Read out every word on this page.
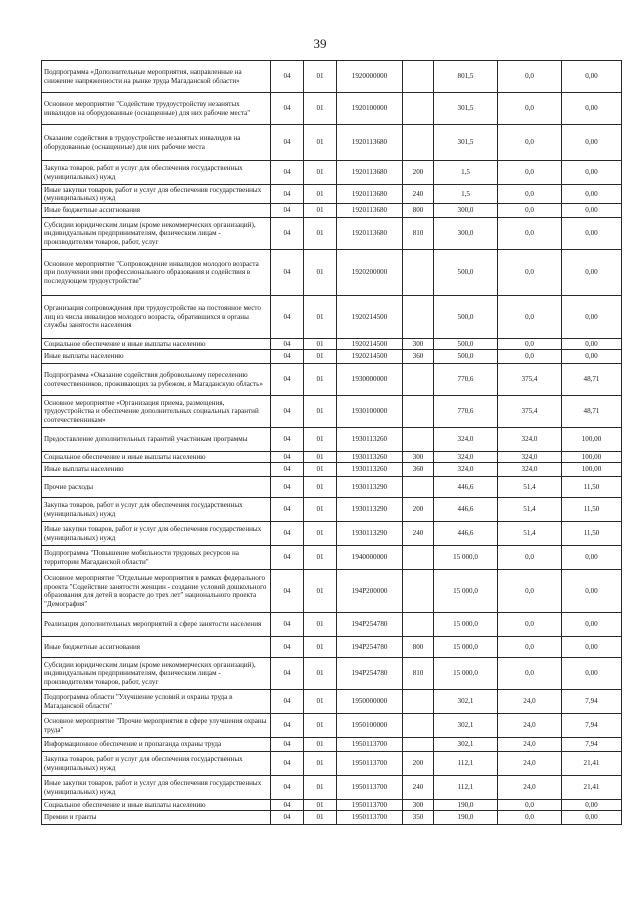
39
Подпрограмма «Дополнительные мероприятия, направленные на снижение напряженности на рынке труда Магаданской области»	04	01	1920000000		801,5	0,0	0,00
Основное мероприятие "Содействие трудоустройству незанятых инвалидов на оборудованные (оснащенные) для них рабочие места"	04	01	1920100000		301,5	0,0	0,00
Оказание содействия в трудоустройстве незанятых инвалидов на оборудованные (оснащенные) для них рабочие места	04	01	1920113680		301,5	0,0	0,00
Закупка товаров, работ и услуг для обеспечения государственных (муниципальных) нужд	04	01	1920113680	200	1,5	0,0	0,00
Иные закупки товаров, работ и услуг для обеспечения государственных (муниципальных) нужд	04	01	1920113680	240	1,5	0,0	0,00
Иные бюджетные ассигнования	04	01	1920113680	800	300,0	0,0	0,00
Субсидии юридическим лицам (кроме некоммерческих организаций), индивидуальным предпринимателям, физическим лицам - производителям товаров, работ, услуг	04	01	1920113680	810	300,0	0,0	0,00
Основное мероприятие "Сопровождение инвалидов молодого возраста при получении ими профессионального образования и содействия в последующем трудоустройстве"	04	01	1920200000		500,0	0,0	0,00
Организация сопровождения при трудоустройстве на постоянное место лиц из числа инвалидов молодого возраста, обратившихся в органы службы занятости населения	04	01	1920214500		500,0	0,0	0,00
Социальное обеспечение и иные выплаты населению	04	01	1920214500	300	500,0	0,0	0,00
Иные выплаты населению	04	01	1920214500	360	500,0	0,0	0,00
Подпрограмма «Оказание содействия добровольному переселению соотечественников, проживающих за рубежом, в Магаданскую область»	04	01	1930000000		770,6	375,4	48,71
Основное мероприятие «Организация приема, размещения, трудоустройства и обеспечение дополнительных социальных гарантий соотечественникам»	04	01	1930100000		770,6	375,4	48,71
Предоставление дополнительных гарантий участникам программы	04	01	1930113260		324,0	324,0	100,00
Социальное обеспечение и иные выплаты населению	04	01	1930113260	300	324,0	324,0	100,00
Иные выплаты населению	04	01	1930113260	360	324,0	324,0	100,00
Прочие расходы	04	01	1930113290		446,6	51,4	11,50
Закупка товаров, работ и услуг для обеспечения государственных (муниципальных) нужд	04	01	1930113290	200	446,6	51,4	11,50
Иные закупки товаров, работ и услуг для обеспечения государственных (муниципальных) нужд	04	01	1930113290	240	446,6	51,4	11,50
Подпрограмма "Повышение мобильности трудовых ресурсов на территории Магаданской области"	04	01	1940000000		15 000,0	0,0	0,00
Основное мероприятие "Отдельные мероприятия в рамках федерального проекта "Содействие занятости женщин - создание условий дошкольного образования для детей в возрасте до трех лет" национального проекта "Демография"	04	01	194P200000		15 000,0	0,0	0,00
Реализация дополнительных мероприятий в сфере занятости населения	04	01	194P254780		15 000,0	0,0	0,00
Иные бюджетные ассигнования	04	01	194P254780	800	15 000,0	0,0	0,00
Субсидии юридическим лицам (кроме некоммерческих организаций), индивидуальным предпринимателям, физическим лицам - производителям товаров, работ, услуг	04	01	194P254780	810	15 000,0	0,0	0,00
Подпрограмма области "Улучшение условий и охраны труда в Магаданской области"	04	01	1950000000		302,1	24,0	7,94
Основное мероприятие "Прочие мероприятия в сфере улучшения охраны труда"	04	01	1950100000		302,1	24,0	7,94
Информационное обеспечение и пропаганда охраны труда	04	01	1950113700		302,1	24,0	7,94
Закупка товаров, работ и услуг для обеспечения государственных (муниципальных) нужд	04	01	1950113700	200	112,1	24,0	21,41
Иные закупки товаров, работ и услуг для обеспечения государственных (муниципальных) нужд	04	01	1950113700	240	112,1	24,0	21,41
Социальное обеспечение и иные выплаты населению	04	01	1950113700	300	190,0	0,0	0,00
Премии и гранты	04	01	1950113700	350	190,0	0,0	0,00
